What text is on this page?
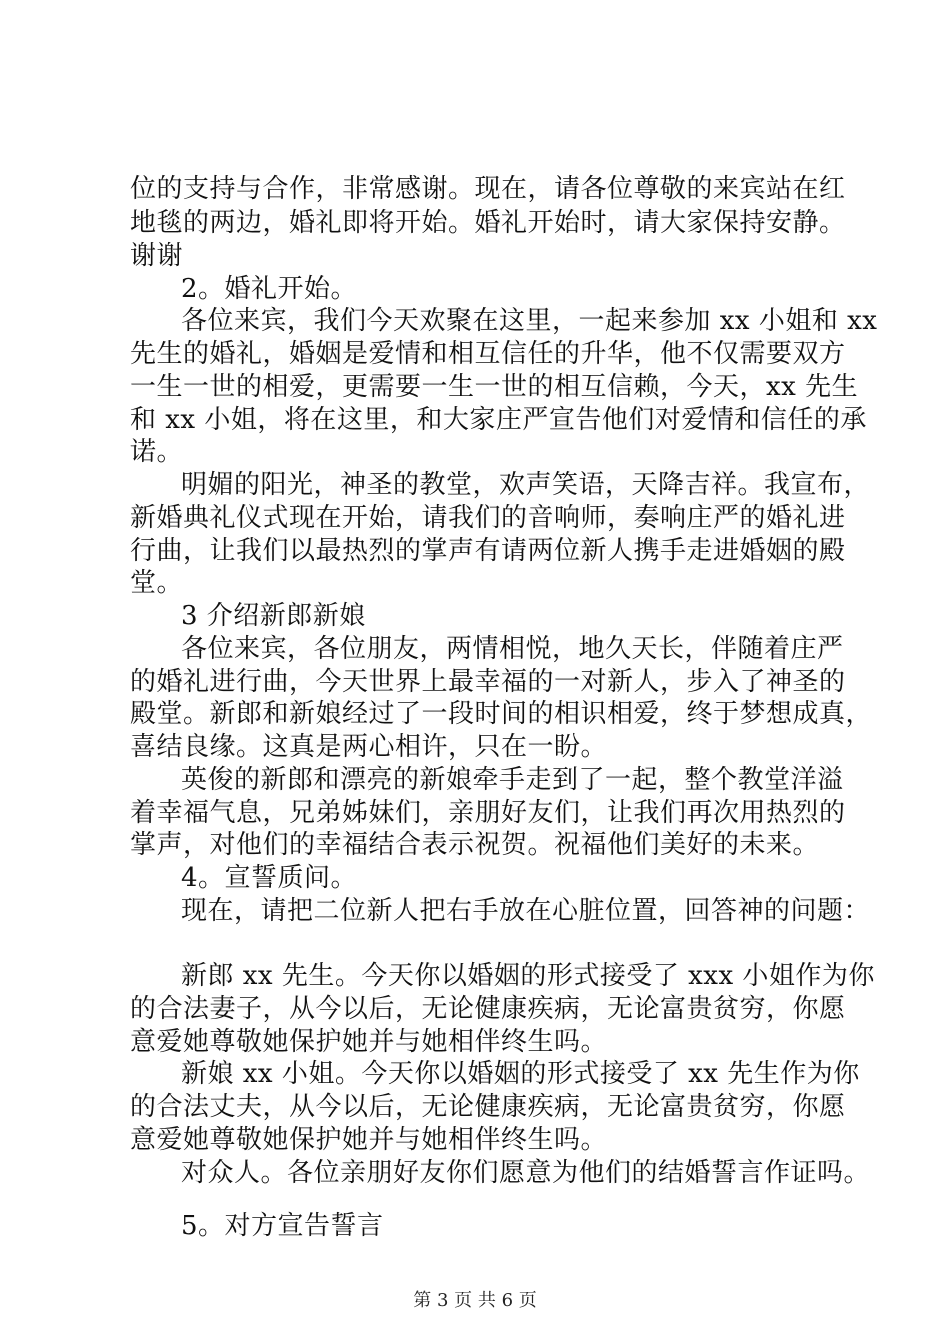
位的支持与合作，非常感谢。现在，请各位尊敬的来宾站在红
地毯的两边，婚礼即将开始。婚礼开始时，请大家保持安静。
谢谢
2。婚礼开始。
各位来宾，我们今天欢聚在这里，一起来参加 xx 小姐和 xx
先生的婚礼，婚姻是爱情和相互信任的升华，他不仅需要双方
一生一世的相爱，更需要一生一世的相互信赖，今天，xx 先生
和 xx 小姐，将在这里，和大家庄严宣告他们对爱情和信任的承
诺。
明媚的阳光，神圣的教堂，欢声笑语，天降吉祥。我宣布，
新婚典礼仪式现在开始，请我们的音响师，奏响庄严的婚礼进
行曲，让我们以最热烈的掌声有请两位新人携手走进婚姻的殿
堂。
3 介绍新郎新娘
各位来宾，各位朋友，两情相悦，地久天长，伴随着庄严
的婚礼进行曲，今天世界上最幸福的一对新人，步入了神圣的
殿堂。新郎和新娘经过了一段时间的相识相爱，终于梦想成真，
喜结良缘。这真是两心相许，只在一盼。
英俊的新郎和漂亮的新娘牵手走到了一起，整个教堂洋溢
着幸福气息，兄弟姊妹们，亲朋好友们，让我们再次用热烈的
掌声，对他们的幸福结合表示祝贺。祝福他们美好的未来。
4。宣誓质问。
现在，请把二位新人把右手放在心脏位置，回答神的问题：
新郎 xx 先生。今天你以婚姻的形式接受了 xxx 小姐作为你
的合法妻子，从今以后，无论健康疾病，无论富贵贫穷，你愿
意爱她尊敬她保护她并与她相伴终生吗。
新娘 xx 小姐。今天你以婚姻的形式接受了 xx 先生作为你
的合法丈夫，从今以后，无论健康疾病，无论富贵贫穷，你愿
意爱她尊敬她保护她并与她相伴终生吗。
对众人。各位亲朋好友你们愿意为他们的结婚誓言作证吗。
5。对方宣告誓言
第 3 页 共 6 页
